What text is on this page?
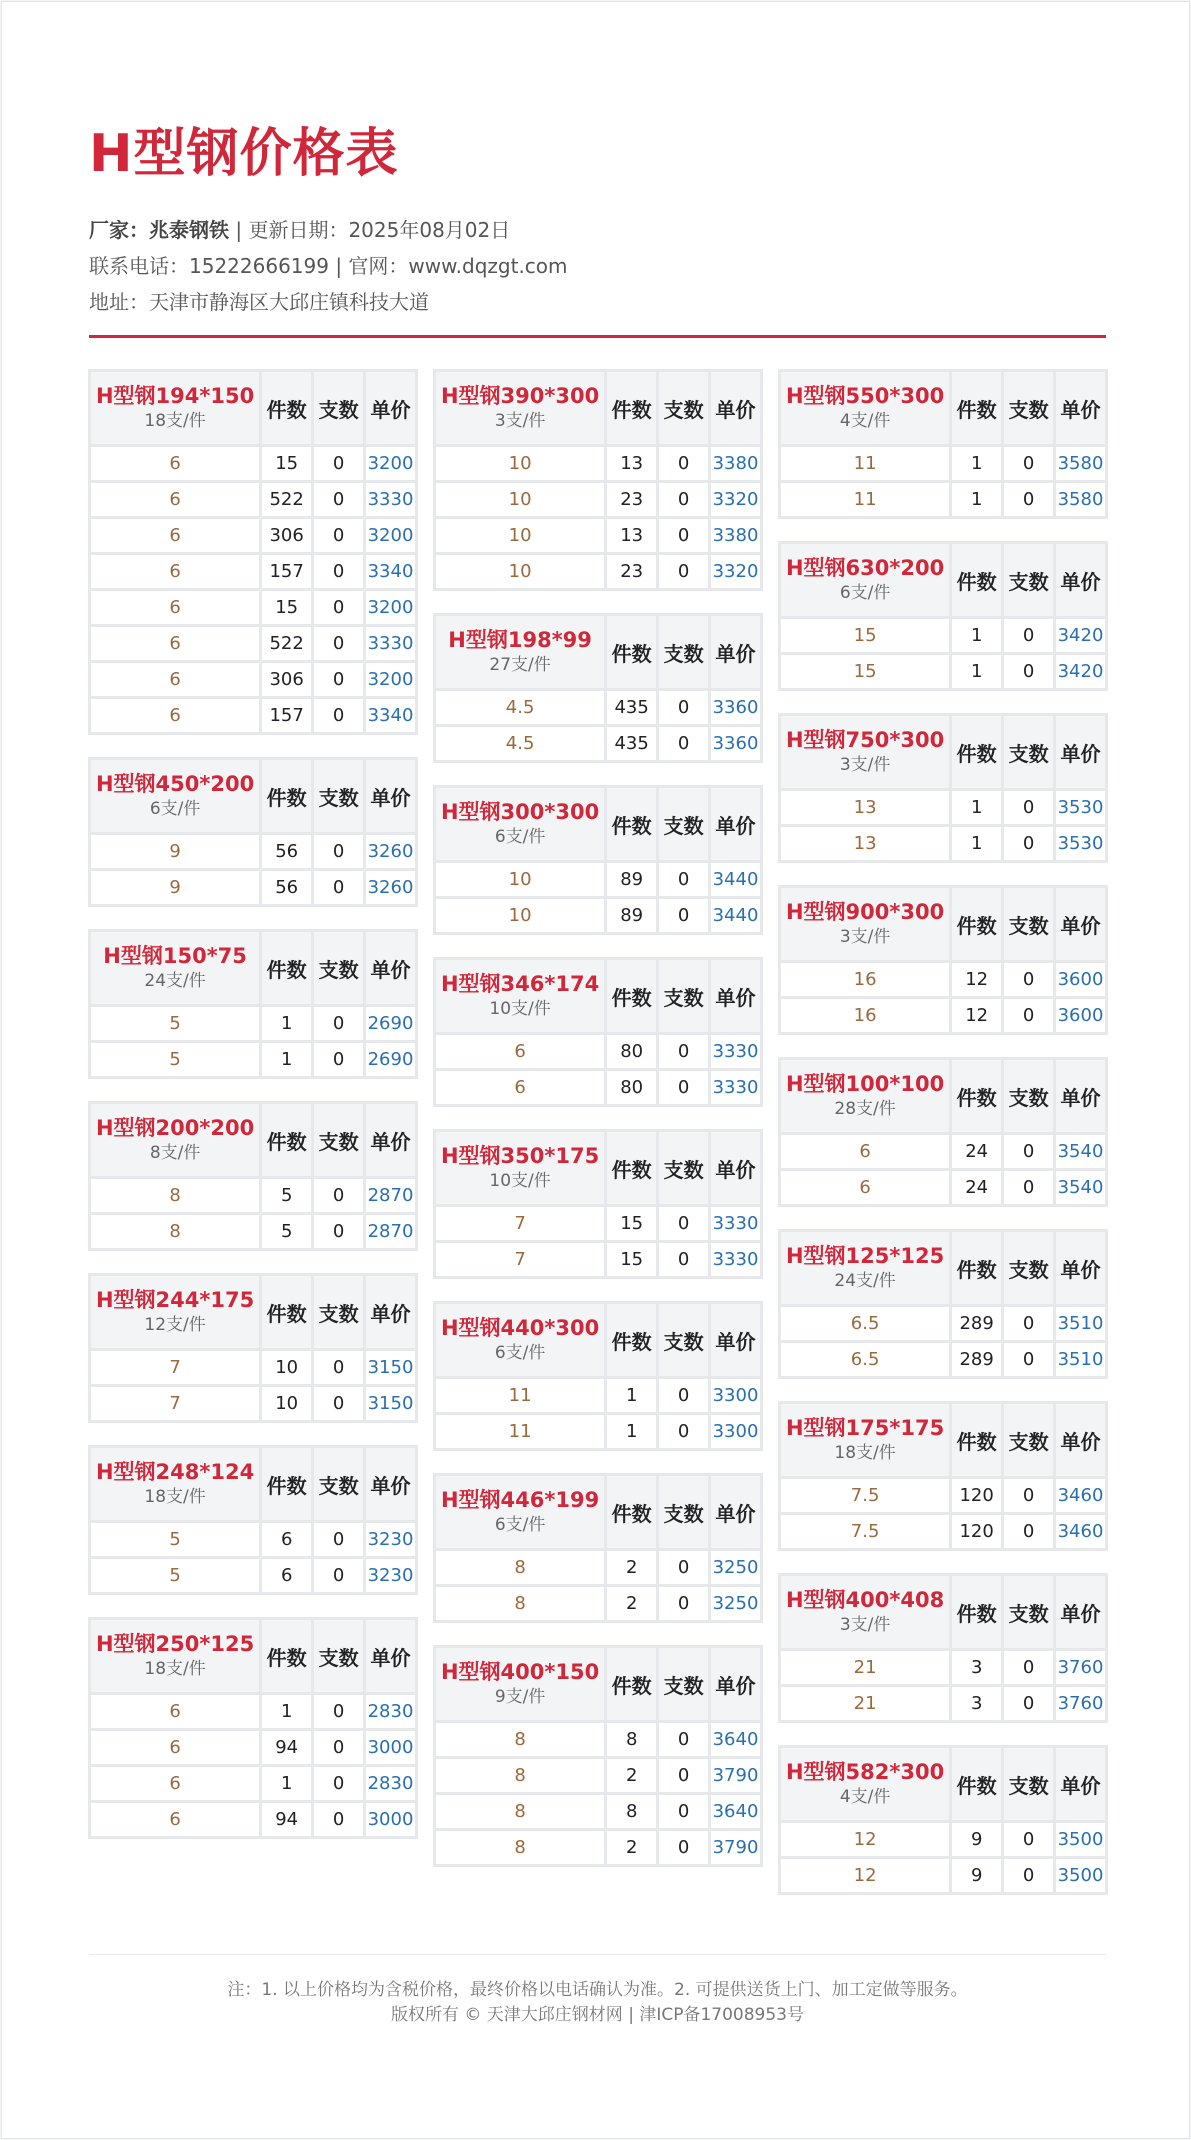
H型钢价格表
厂家：兆泰钢铁 | 更新日期：2025年08月02日
联系电话：15222666199 | 官网：www.dqzgt.com
地址：天津市静海区大邱庄镇科技大道
H型钢194*150
18支/件	件数	支数	单价
6	15	0	3200
6	522	0	3330
6	306	0	3200
6	157	0	3340
6	15	0	3200
6	522	0	3330
6	306	0	3200
6	157	0	3340
H型钢450*200
6支/件	件数	支数	单价
9	56	0	3260
9	56	0	3260
H型钢150*75
24支/件	件数	支数	单价
5	1	0	2690
5	1	0	2690
H型钢200*200
8支/件	件数	支数	单价
8	5	0	2870
8	5	0	2870
H型钢244*175
12支/件	件数	支数	单价
7	10	0	3150
7	10	0	3150
H型钢248*124
18支/件	件数	支数	单价
5	6	0	3230
5	6	0	3230
H型钢250*125
18支/件	件数	支数	单价
6	1	0	2830
6	94	0	3000
6	1	0	2830
6	94	0	3000
H型钢390*300
3支/件	件数	支数	单价
10	13	0	3380
10	23	0	3320
10	13	0	3380
10	23	0	3320
H型钢198*99
27支/件	件数	支数	单价
4.5	435	0	3360
4.5	435	0	3360
H型钢300*300
6支/件	件数	支数	单价
10	89	0	3440
10	89	0	3440
H型钢346*174
10支/件	件数	支数	单价
6	80	0	3330
6	80	0	3330
H型钢350*175
10支/件	件数	支数	单价
7	15	0	3330
7	15	0	3330
H型钢440*300
6支/件	件数	支数	单价
11	1	0	3300
11	1	0	3300
H型钢446*199
6支/件	件数	支数	单价
8	2	0	3250
8	2	0	3250
H型钢400*150
9支/件	件数	支数	单价
8	8	0	3640
8	2	0	3790
8	8	0	3640
8	2	0	3790
H型钢550*300
4支/件	件数	支数	单价
11	1	0	3580
11	1	0	3580
H型钢630*200
6支/件	件数	支数	单价
15	1	0	3420
15	1	0	3420
H型钢750*300
3支/件	件数	支数	单价
13	1	0	3530
13	1	0	3530
H型钢900*300
3支/件	件数	支数	单价
16	12	0	3600
16	12	0	3600
H型钢100*100
28支/件	件数	支数	单价
6	24	0	3540
6	24	0	3540
H型钢125*125
24支/件	件数	支数	单价
6.5	289	0	3510
6.5	289	0	3510
H型钢175*175
18支/件	件数	支数	单价
7.5	120	0	3460
7.5	120	0	3460
H型钢400*408
3支/件	件数	支数	单价
21	3	0	3760
21	3	0	3760
H型钢582*300
4支/件	件数	支数	单价
12	9	0	3500
12	9	0	3500
注：1. 以上价格均为含税价格，最终价格以电话确认为准。2. 可提供送货上门、加工定做等服务。
版权所有 © 天津大邱庄钢材网 | 津ICP备17008953号
